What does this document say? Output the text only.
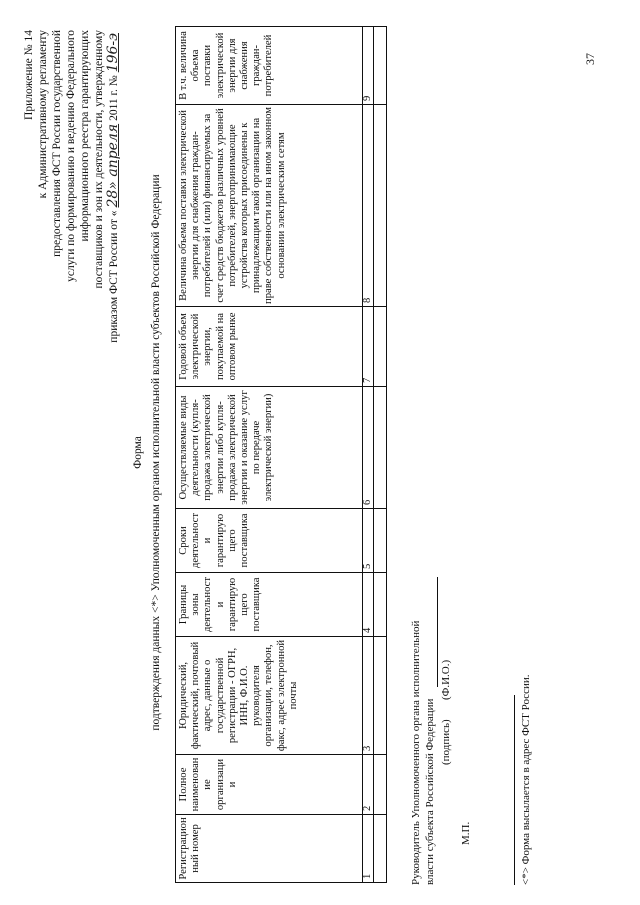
Приложение № 14 к Административному регламенту предоставления ФСТ России государственной услуги по формированию и ведению Федерального информационного реестра гарантирующих поставщиков и зон их деятельности, утвержденному приказом ФСТ России от «28» апреля2011 г. №196-э
Форма подтверждения данных <*> Уполномоченным органом исполнительной власти субъектов Российской Федерации
Регистрационный номер	Полное наименование организации	Юридический, фактический, почтовый адрес, данные о государственной регистрации - ОГРН, ИНН, Ф.И.О. руководителя организации, телефон, факс, адрес электронной почты	Границы зоны деятельности гарантирующего поставщика	Сроки деятельности гарантирующего поставщика	Осуществляемые виды деятельности (купля-продажа электрической энергии либо купля-продажа электрической энергии и оказание услуг по передаче электрической энергии)	Годовой объем электрической энергии, покупаемой на оптовом рынке	Величина объема поставки электрической энергии для снабжения граждан-потребителей и (или) финансируемых за счет средств бюджетов различных уровней потребителей, энергопринимающие устройства которых присоединены к принадлежащим такой организации на праве собственности или на ином законном основании электрическим сетям	В т.ч. величина объема поставки электрической энергии для снабжения граждан-потребителей
1	2	3	4	5	6	7	8	9

Руководитель Уполномоченного органа исполнительной власти субъекта Российской Федерации (подпись)
(Ф.И.О.)
М.П.	<*> Форма высылается в адрес ФСТ России.
37
